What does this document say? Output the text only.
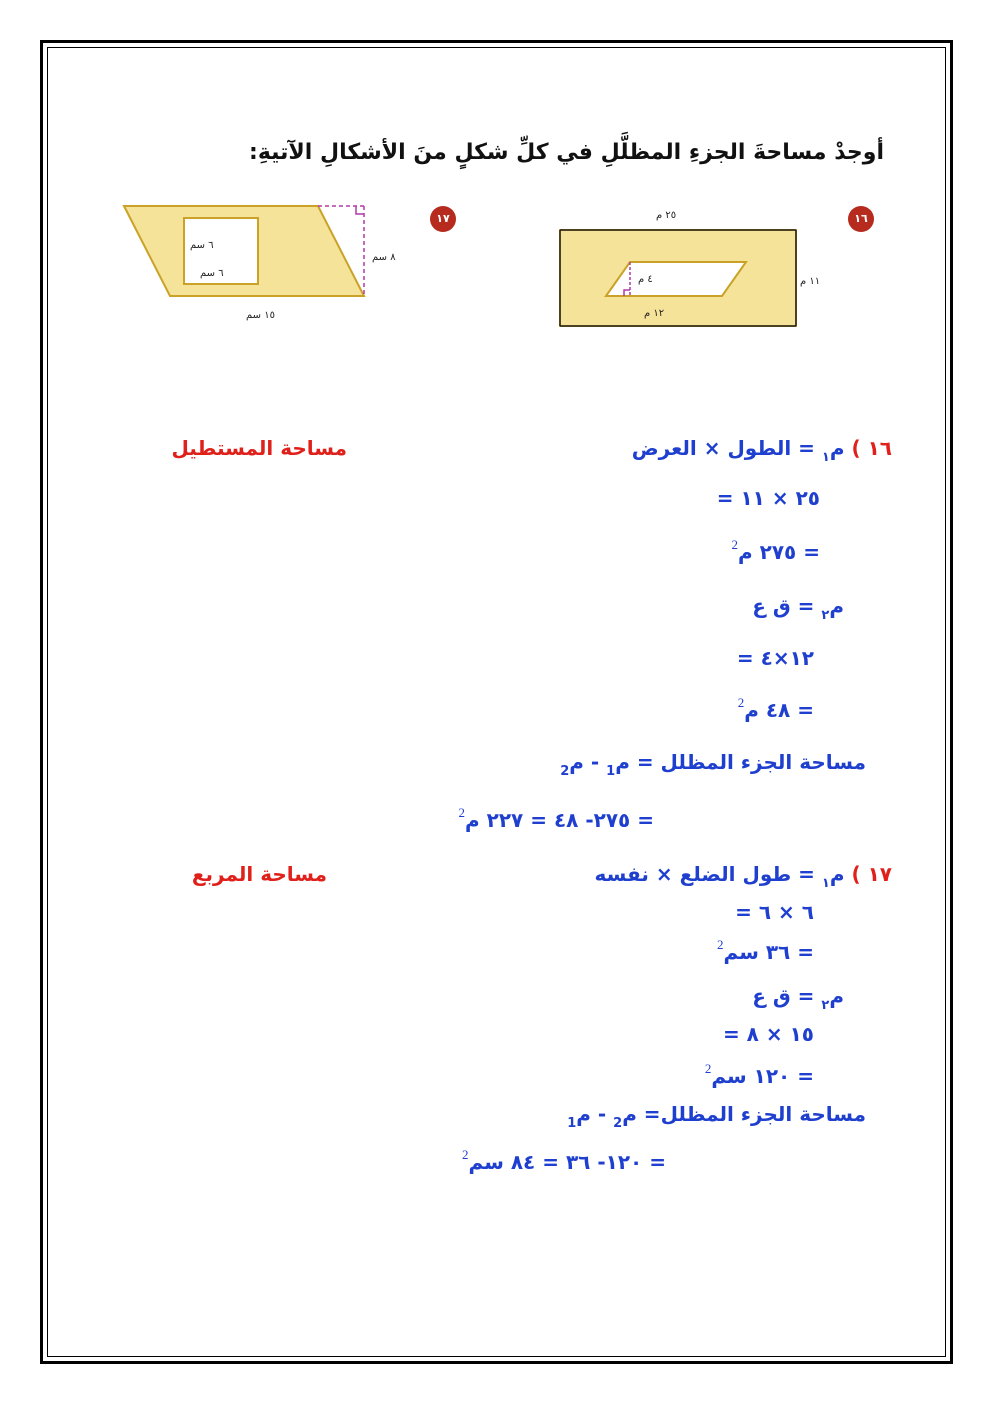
أوجدْ مساحةَ الجزءِ المظلَّلِ في كلِّ شكلٍ منَ الأشكالِ الآتيةِ:
١٦
٢٥ م
١١ م
٤ م
١٢ م
١٧
٦ سم
٦ سم
٨ سم
١٥ سم
١٦ ) م$_١$ = الطول × العرض
مساحة المستطيل
= ٢٥ × ١١
= ٢٧٥ م$^2$
م$_٢$ = ق ع
= ١٢×٤
= ٤٨ م$^2$
مساحة الجزء المظلل = م$_1$ - م$_2$
= ٢٧٥- ٤٨ = ٢٢٧ م$^2$
١٧ ) م$_١$ = طول الضلع × نفسه
مساحة المربع
= ٦ × ٦
= ٣٦ سم$^2$
م$_٢$ = ق ع
= ١٥ × ٨
= ١٢٠ سم$^2$
مساحة الجزء المظلل= م$_2$ - م$_1$
= ١٢٠- ٣٦ = ٨٤ سم$^2$
